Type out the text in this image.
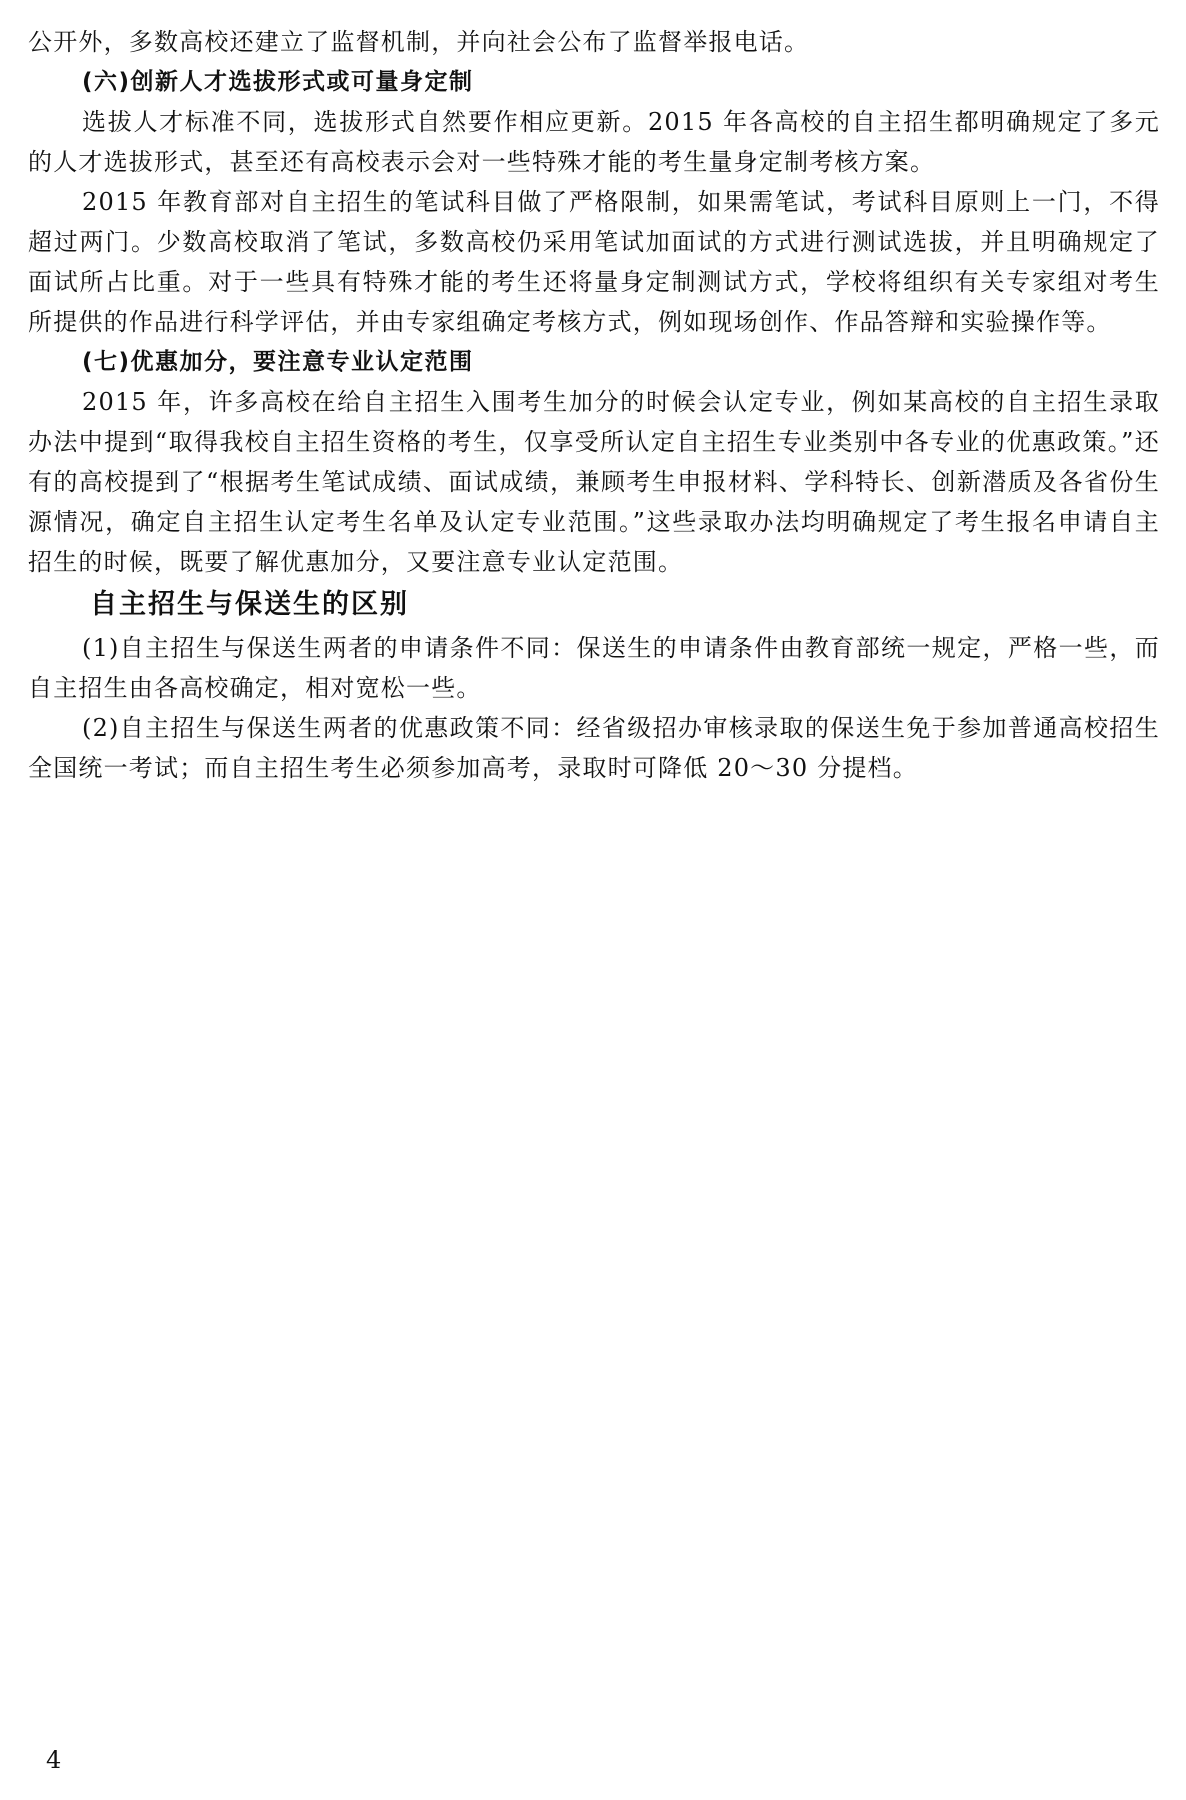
公开外，多数高校还建立了监督机制，并向社会公布了监督举报电话。

(六)创新人才选拔形式或可量身定制

选拔人才标准不同，选拔形式自然要作相应更新。2015 年各高校的自主招生都明确规定了多元的人才选拔形式，甚至还有高校表示会对一些特殊才能的考生量身定制考核方案。

2015 年教育部对自主招生的笔试科目做了严格限制，如果需笔试，考试科目原则上一门，不得超过两门。少数高校取消了笔试，多数高校仍采用笔试加面试的方式进行测试选拔，并且明确规定了面试所占比重。对于一些具有特殊才能的考生还将量身定制测试方式，学校将组织有关专家组对考生所提供的作品进行科学评估，并由专家组确定考核方式，例如现场创作、作品答辩和实验操作等。

(七)优惠加分，要注意专业认定范围

2015 年，许多高校在给自主招生入围考生加分的时候会认定专业，例如某高校的自主招生录取办法中提到“取得我校自主招生资格的考生，仅享受所认定自主招生专业类别中各专业的优惠政策。”还有的高校提到了“根据考生笔试成绩、面试成绩，兼顾考生申报材料、学科特长、创新潜质及各省份生源情况，确定自主招生认定考生名单及认定专业范围。”这些录取办法均明确规定了考生报名申请自主招生的时候，既要了解优惠加分，又要注意专业认定范围。

自主招生与保送生的区别

(1)自主招生与保送生两者的申请条件不同：保送生的申请条件由教育部统一规定，严格一些，而自主招生由各高校确定，相对宽松一些。

(2)自主招生与保送生两者的优惠政策不同：经省级招办审核录取的保送生免于参加普通高校招生全国统一考试；而自主招生考生必须参加高考，录取时可降低 20～30 分提档。

4
